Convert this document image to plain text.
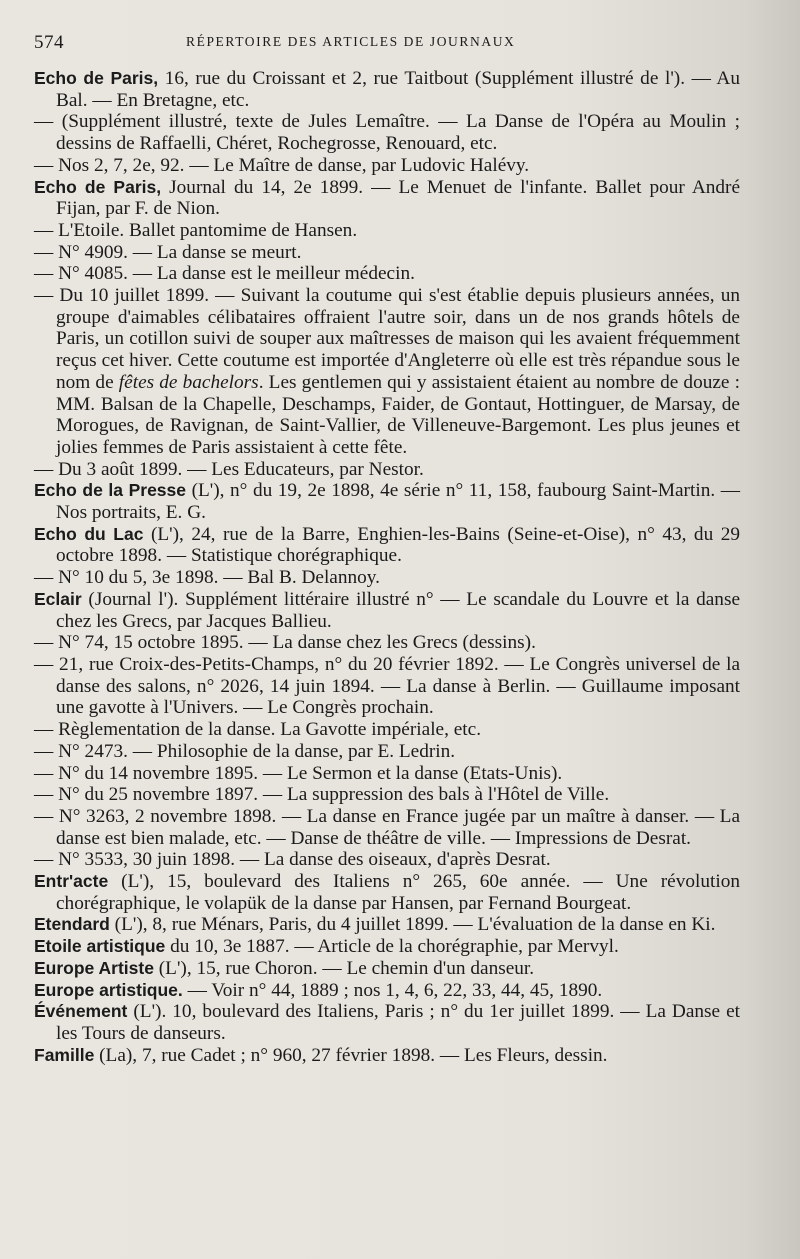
574	RÉPERTOIRE DES ARTICLES DE JOURNAUX

Echo de Paris, 16, rue du Croissant et 2, rue Taitbout (Supplément illustré de l'). — Au Bal. — En Bretagne, etc.

— (Supplément illustré, texte de Jules Lemaître. — La Danse de l'Opéra au Moulin ; dessins de Raffaelli, Chéret, Rochegrosse, Renouard, etc.

— Nos 2, 7, 2e, 92. — Le Maître de danse, par Ludovic Halévy.

Echo de Paris, Journal du 14, 2e 1899. — Le Menuet de l'infante. Ballet pour André Fijan, par F. de Nion.

— L'Etoile. Ballet pantomime de Hansen.

— N° 4909. — La danse se meurt.

— N° 4085. — La danse est le meilleur médecin.

— Du 10 juillet 1899. — Suivant la coutume qui s'est établie depuis plusieurs années, un groupe d'aimables célibataires offraient l'autre soir, dans un de nos grands hôtels de Paris, un cotillon suivi de souper aux maîtresses de maison qui les avaient fréquemment reçus cet hiver. Cette coutume est importée d'Angleterre où elle est très répandue sous le nom de fêtes de bachelors. Les gentlemen qui y assistaient étaient au nombre de douze : MM. Balsan de la Chapelle, Deschamps, Faider, de Gontaut, Hottinguer, de Marsay, de Morogues, de Ravignan, de Saint-Vallier, de Villeneuve-Bargemont. Les plus jeunes et jolies femmes de Paris assistaient à cette fête.

— Du 3 août 1899. — Les Educateurs, par Nestor.

Echo de la Presse (L'), n° du 19, 2e 1898, 4e série n° 11, 158, faubourg Saint-Martin. — Nos portraits, E. G.

Echo du Lac (L'), 24, rue de la Barre, Enghien-les-Bains (Seine-et-Oise), n° 43, du 29 octobre 1898. — Statistique chorégraphique.

— N° 10 du 5, 3e 1898. — Bal B. Delannoy.

Eclair (Journal l'). Supplément littéraire illustré n° — Le scandale du Louvre et la danse chez les Grecs, par Jacques Ballieu.

— N° 74, 15 octobre 1895. — La danse chez les Grecs (dessins).

— 21, rue Croix-des-Petits-Champs, n° du 20 février 1892. — Le Congrès universel de la danse des salons, n° 2026, 14 juin 1894. — La danse à Berlin. — Guillaume imposant une gavotte à l'Univers. — Le Congrès prochain.

— Règlementation de la danse. La Gavotte impériale, etc.

— N° 2473. — Philosophie de la danse, par E. Ledrin.

— N° du 14 novembre 1895. — Le Sermon et la danse (Etats-Unis).

— N° du 25 novembre 1897. — La suppression des bals à l'Hôtel de Ville.

— N° 3263, 2 novembre 1898. — La danse en France jugée par un maître à danser. — La danse est bien malade, etc. — Danse de théâtre de ville. — Impressions de Desrat.

— N° 3533, 30 juin 1898. — La danse des oiseaux, d'après Desrat.

Entr'acte (L'), 15, boulevard des Italiens n° 265, 60e année. — Une révolution chorégraphique, le volapük de la danse par Hansen, par Fernand Bourgeat.

Etendard (L'), 8, rue Ménars, Paris, du 4 juillet 1899. — L'évaluation de la danse en Ki.

Etoile artistique du 10, 3e 1887. — Article de la chorégraphie, par Mervyl.

Europe Artiste (L'), 15, rue Choron. — Le chemin d'un danseur.

Europe artistique. — Voir n° 44, 1889 ; nos 1, 4, 6, 22, 33, 44, 45, 1890.

Événement (L'). 10, boulevard des Italiens, Paris ; n° du 1er juillet 1899. — La Danse et les Tours de danseurs.

Famille (La), 7, rue Cadet ; n° 960, 27 février 1898. — Les Fleurs, dessin.
